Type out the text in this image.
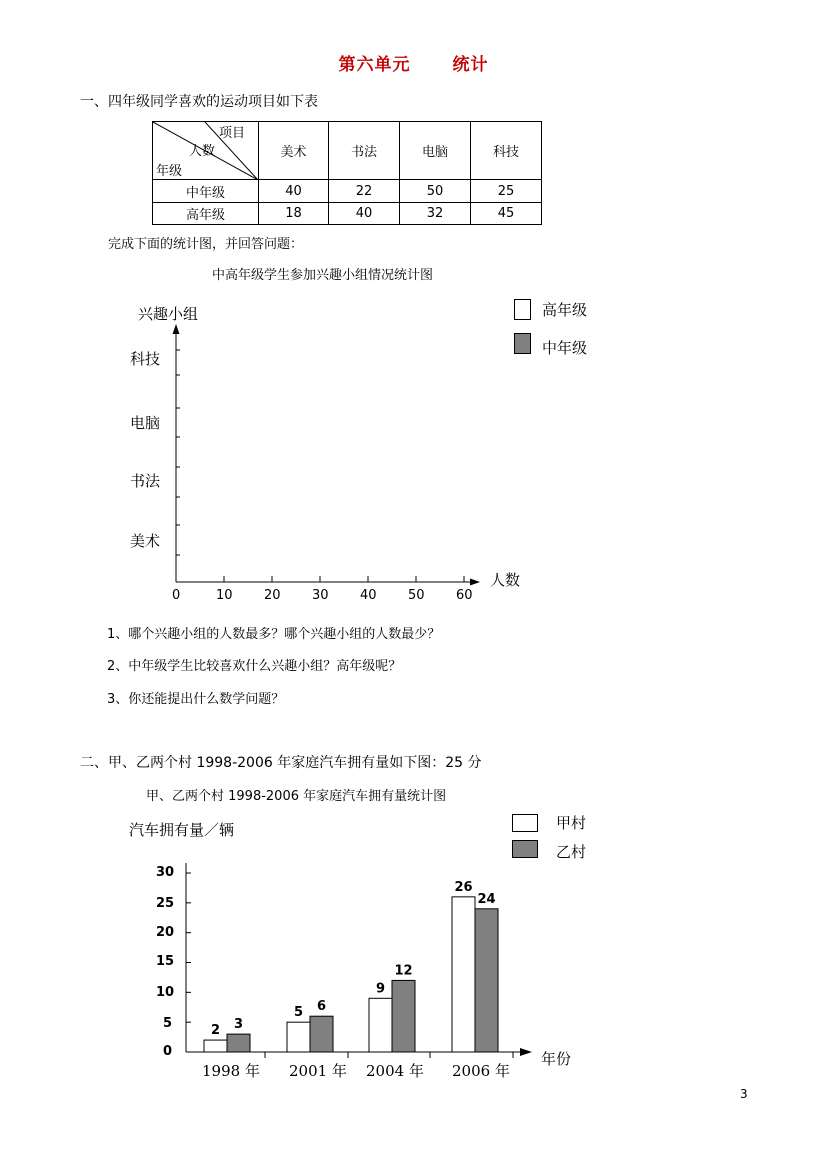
第六单元 统计
一、四年级同学喜欢的运动项目如下表
项目
人数
年级	美术	书法	电脑	科技
中年级	40	22	50	25
高年级	18	40	32	45
完成下面的统计图，并回答问题：
中高年级学生参加兴趣小组情况统计图
高年级
中年级
兴趣小组
科技
电脑
书法
美术
0	10 20 30 40 50 60
人数
1、哪个兴趣小组的人数最多？哪个兴趣小组的人数最少？
2、中年级学生比较喜欢什么兴趣小组？高年级呢？
3、你还能提出什么数学问题？
二、甲、乙两个村 1998-2006 年家庭汽车拥有量如下图：25 分
甲、乙两个村 1998-2006 年家庭汽车拥有量统计图
甲村
乙村
汽车拥有量／辆
30
25
20
15
10
5
0
2 3
5 6
9
12
26
24
年份
1998 年 2001 年 2004 年 2006 年
3
